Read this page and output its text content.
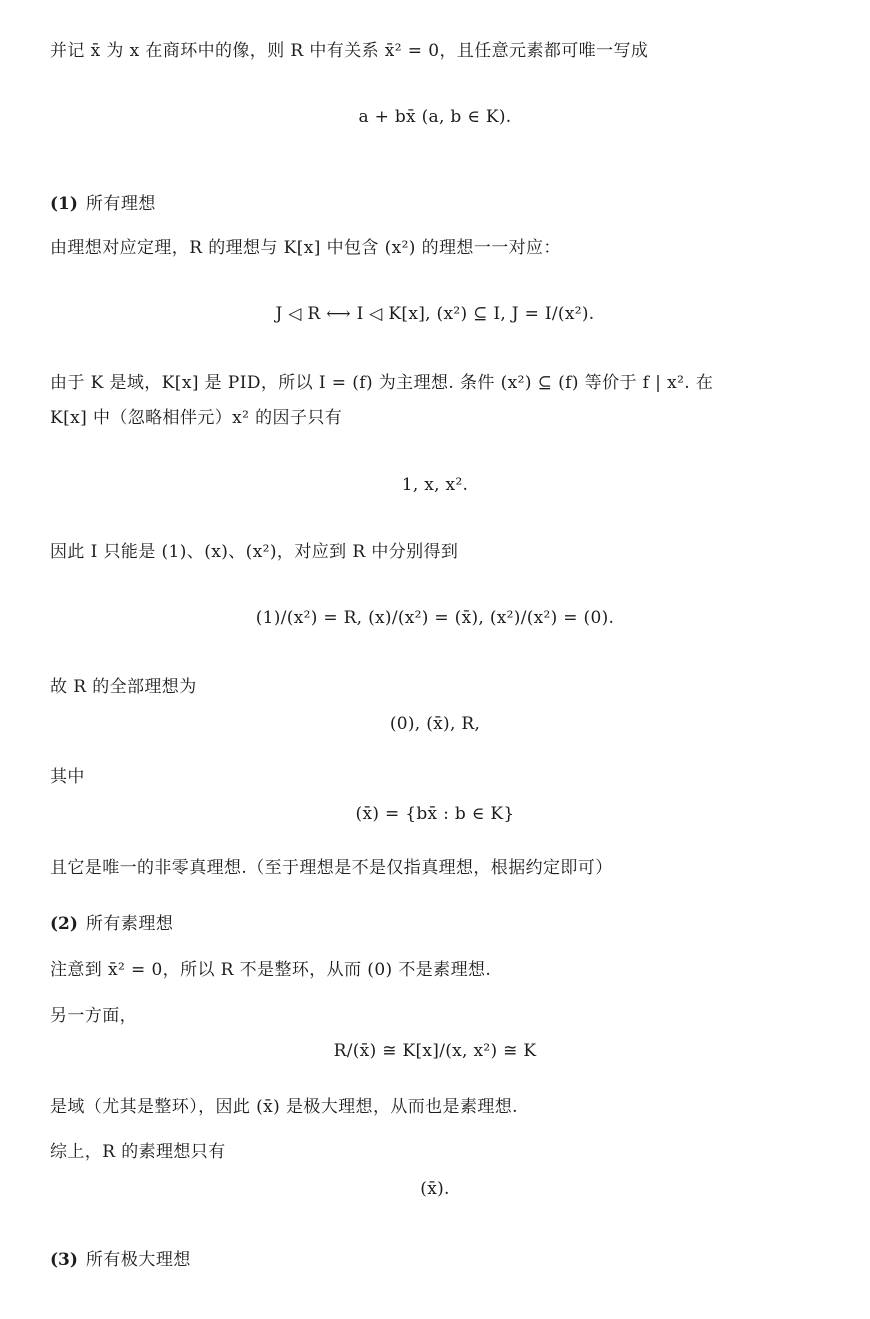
并记 x̄ 为 x 在商环中的像，则 R 中有关系 x̄² = 0，且任意元素都可唯一写成
a + bx̄ (a, b ∈ K).
(1) 所有理想
由理想对应定理，R 的理想与 K[x] 中包含 (x²) 的理想一一对应：
J ◁ R ⟷ I ◁ K[x], (x²) ⊆ I, J = I/(x²).
由于 K 是域，K[x] 是 PID，所以 I = (f) 为主理想. 条件 (x²) ⊆ (f) 等价于 f | x². 在
K[x] 中（忽略相伴元）x² 的因子只有
1, x, x².
因此 I 只能是 (1)、(x)、(x²)，对应到 R 中分别得到
(1)/(x²) = R, (x)/(x²) = (x̄), (x²)/(x²) = (0).
故 R 的全部理想为
(0), (x̄), R,
其中
(x̄) = {bx̄ : b ∈ K}
且它是唯一的非零真理想.（至于理想是不是仅指真理想，根据约定即可）
(2) 所有素理想
注意到 x̄² = 0，所以 R 不是整环，从而 (0) 不是素理想.
另一方面，
R/(x̄) ≅ K[x]/(x, x²) ≅ K
是域（尤其是整环），因此 (x̄) 是极大理想，从而也是素理想.
综上，R 的素理想只有
(x̄).
(3) 所有极大理想
